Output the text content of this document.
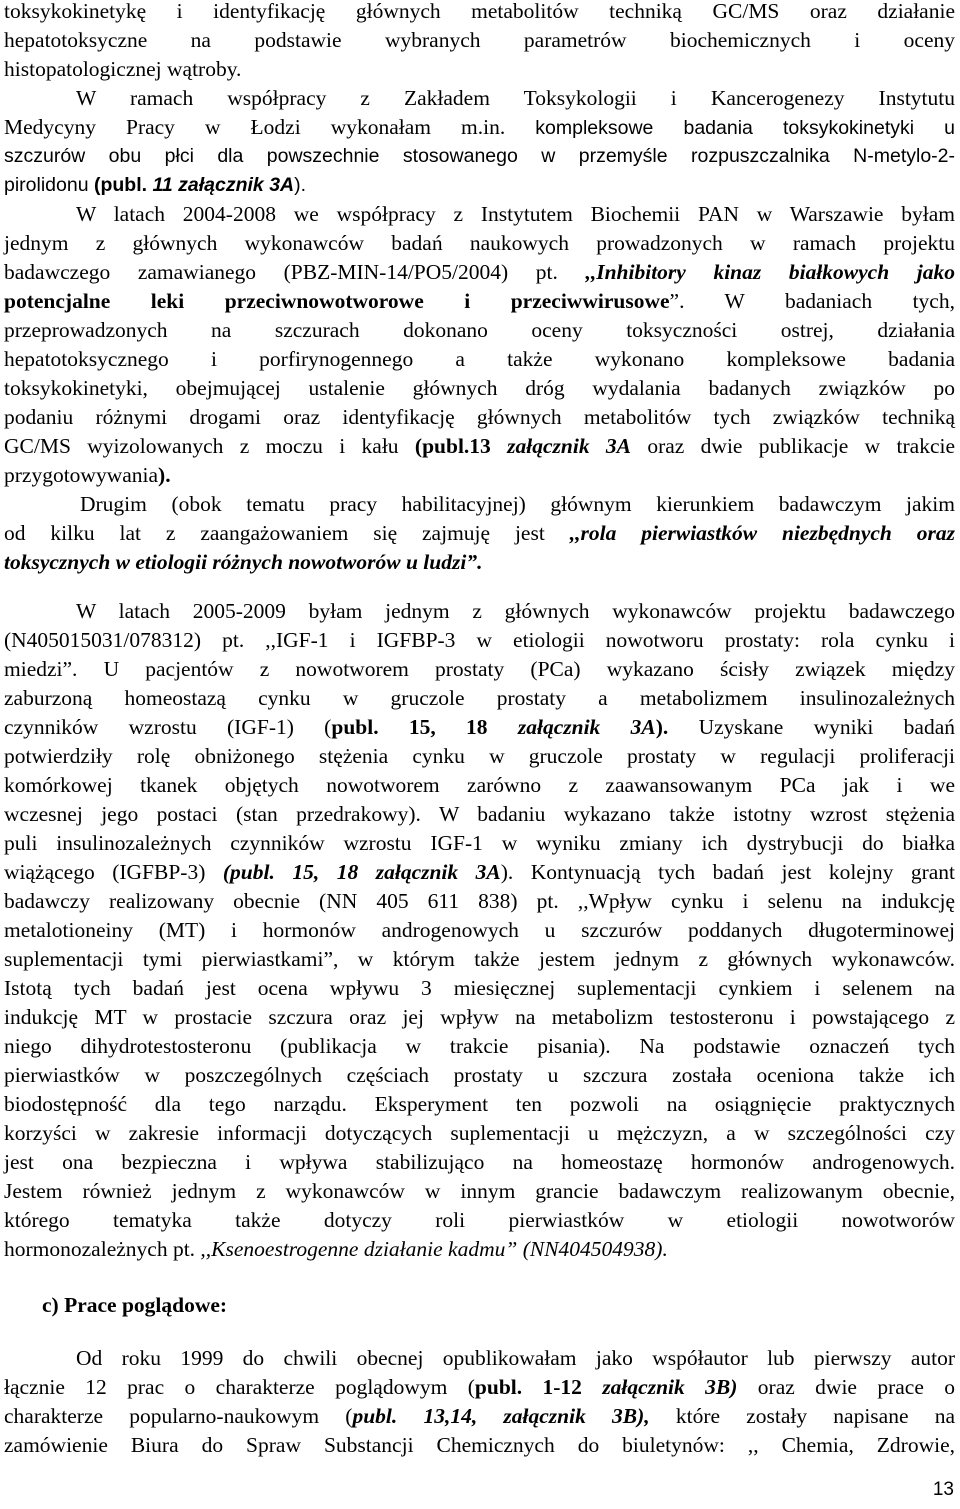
toksykokinetykę i identyfikację głównych metabolitów techniką GC/MS oraz działanie
hepatotoksyczne na podstawie wybranych parametrów biochemicznych i oceny
histopatologicznej wątroby.
W ramach współpracy z Zakładem Toksykologii i Kancerogenezy Instytutu
Medycyny Pracy w Łodzi wykonałam m.in. kompleksowe badania toksykokinetyki u
szczurów obu płci dla powszechnie stosowanego w przemyśle rozpuszczalnika N-metylo-2-
pirolidonu (publ. 11 załącznik 3A).
W latach 2004-2008 we współpracy z Instytutem Biochemii PAN w Warszawie byłam
jednym z głównych wykonawców badań naukowych prowadzonych w ramach projektu
badawczego zamawianego (PBZ-MIN-14/PO5/2004) pt. ,,Inhibitory kinaz białkowych jako
potencjalne leki przeciwnowotworowe i przeciwwirusowe”. W badaniach tych,
przeprowadzonych na szczurach dokonano oceny toksyczności ostrej, działania
hepatotoksycznego i porfirynogennego a także wykonano kompleksowe badania
toksykokinetyki, obejmującej ustalenie głównych dróg wydalania badanych związków po
podaniu różnymi drogami oraz identyfikację głównych metabolitów tych związków techniką
GC/MS wyizolowanych z moczu i kału (publ.13 załącznik 3A oraz dwie publikacje w trakcie
przygotowywania).
Drugim (obok tematu pracy habilitacyjnej) głównym kierunkiem badawczym jakim
od kilku lat z zaangażowaniem się zajmuję jest ,,rola pierwiastków niezbędnych oraz
toksycznych w etiologii różnych nowotworów u ludzi”.
W latach 2005-2009 byłam jednym z głównych wykonawców projektu badawczego
(N405015031/078312) pt. ,,IGF-1 i IGFBP-3 w etiologii nowotworu prostaty: rola cynku i
miedzi”. U pacjentów z nowotworem prostaty (PCa) wykazano ścisły związek między
zaburzoną homeostazą cynku w gruczole prostaty a metabolizmem insulinozależnych
czynników wzrostu (IGF-1) (publ. 15, 18 załącznik 3A). Uzyskane wyniki badań
potwierdziły rolę obniżonego stężenia cynku w gruczole prostaty w regulacji proliferacji
komórkowej tkanek objętych nowotworem zarówno z zaawansowanym PCa jak i we
wczesnej jego postaci (stan przedrakowy). W badaniu wykazano także istotny wzrost stężenia
puli insulinozależnych czynników wzrostu IGF-1 w wyniku zmiany ich dystrybucji do białka
wiążącego (IGFBP-3) (publ. 15, 18 załącznik 3A). Kontynuacją tych badań jest kolejny grant
badawczy realizowany obecnie (NN 405 611 838) pt. ,,Wpływ cynku i selenu na indukcję
metalotioneiny (MT) i hormonów androgenowych u szczurów poddanych długoterminowej
suplementacji tymi pierwiastkami”, w którym także jestem jednym z głównych wykonawców.
Istotą tych badań jest ocena wpływu 3 miesięcznej suplementacji cynkiem i selenem na
indukcję MT w prostacie szczura oraz jej wpływ na metabolizm testosteronu i powstającego z
niego dihydrotestosteronu (publikacja w trakcie pisania). Na podstawie oznaczeń tych
pierwiastków w poszczególnych częściach prostaty u szczura została oceniona także ich
biodostępność dla tego narządu. Eksperyment ten pozwoli na osiągnięcie praktycznych
korzyści w zakresie informacji dotyczących suplementacji u mężczyzn, a w szczególności czy
jest ona bezpieczna i wpływa stabilizująco na homeostazę hormonów androgenowych.
Jestem również jednym z wykonawców w innym grancie badawczym realizowanym obecnie,
którego tematyka także dotyczy roli pierwiastków w etiologii nowotworów
hormonozależnych pt. ,,Ksenoestrogenne działanie kadmu” (NN404504938).
c) Prace poglądowe:
Od roku 1999 do chwili obecnej opublikowałam jako współautor lub pierwszy autor
łącznie 12 prac o charakterze poglądowym (publ. 1-12 załącznik 3B) oraz dwie prace o
charakterze popularno-naukowym (publ. 13,14, załącznik 3B), które zostały napisane na
zamówienie Biura do Spraw Substancji Chemicznych do biuletynów: ,, Chemia, Zdrowie,
13
